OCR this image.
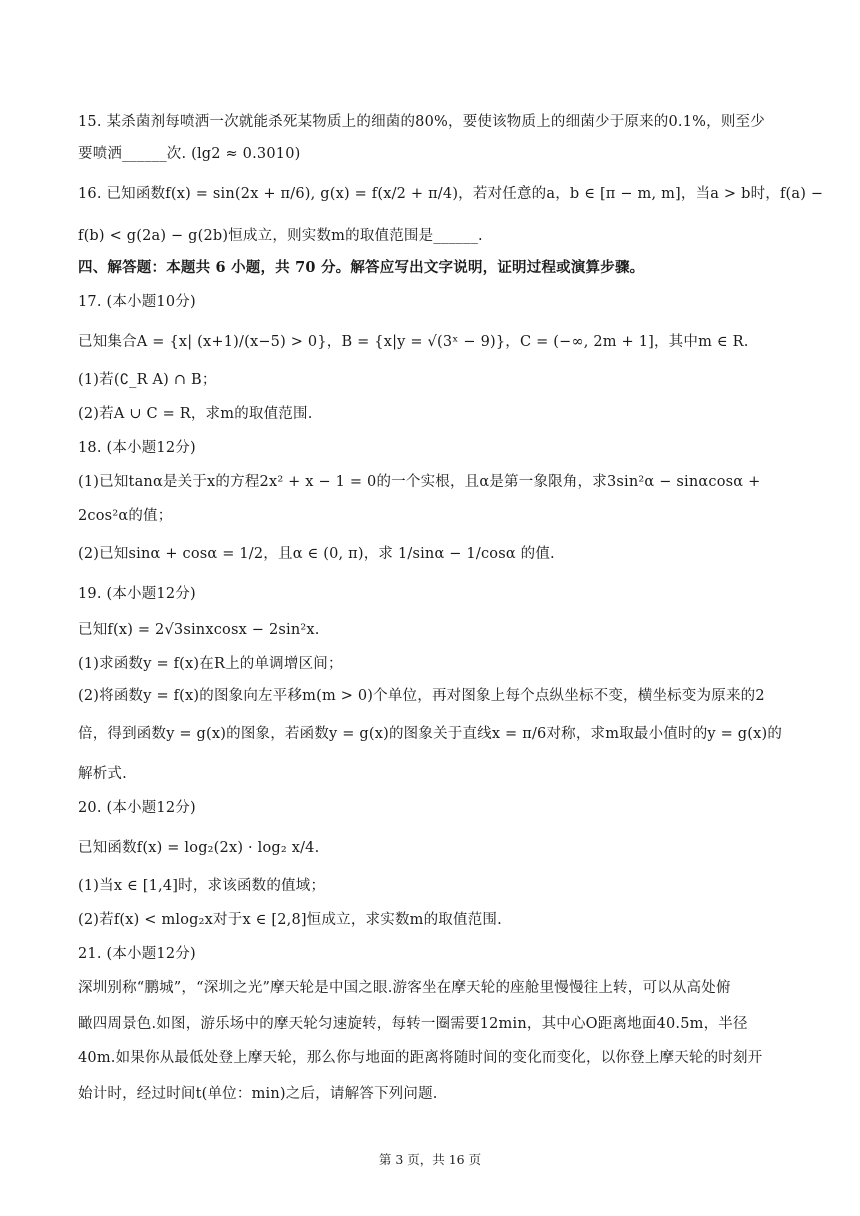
15. 某杀菌剂每喷洒一次就能杀死某物质上的细菌的80%，要使该物质上的细菌少于原来的0.1%，则至少
要喷洒______次. (lg2 ≈ 0.3010)
16. 已知函数f(x) = sin(2x + π/6), g(x) = f(x/2 + π/4)，若对任意的a，b ∈ [π − m, m]，当a > b时，f(a) −
f(b) < g(2a) − g(2b)恒成立，则实数m的取值范围是______.
四、解答题：本题共 6 小题，共 70 分。解答应写出文字说明，证明过程或演算步骤。
17. (本小题10分)
已知集合A = {x| (x+1)/(x−5) > 0}，B = {x|y = √(3ˣ − 9)}，C = (−∞, 2m + 1]，其中m ∈ R.
(1)若(∁_R A) ∩ B；
(2)若A ∪ C = R，求m的取值范围.
18. (本小题12分)
(1)已知tanα是关于x的方程2x² + x − 1 = 0的一个实根，且α是第一象限角，求3sin²α − sinαcosα +
2cos²α的值；
(2)已知sinα + cosα = 1/2，且α ∈ (0, π)，求 1/sinα − 1/cosα 的值.
19. (本小题12分)
已知f(x) = 2√3sinxcosx − 2sin²x.
(1)求函数y = f(x)在R上的单调增区间；
(2)将函数y = f(x)的图象向左平移m(m > 0)个单位，再对图象上每个点纵坐标不变，横坐标变为原来的2
倍，得到函数y = g(x)的图象，若函数y = g(x)的图象关于直线x = π/6对称，求m取最小值时的y = g(x)的
解析式.
20. (本小题12分)
已知函数f(x) = log₂(2x) · log₂ x/4.
(1)当x ∈ [1,4]时，求该函数的值域；
(2)若f(x) < mlog₂x对于x ∈ [2,8]恒成立，求实数m的取值范围.
21. (本小题12分)
深圳别称“鹏城”，“深圳之光”摩天轮是中国之眼.游客坐在摩天轮的座舱里慢慢往上转，可以从高处俯
瞰四周景色.如图，游乐场中的摩天轮匀速旋转，每转一圈需要12min，其中心O距离地面40.5m，半径
40m.如果你从最低处登上摩天轮，那么你与地面的距离将随时间的变化而变化，以你登上摩天轮的时刻开
始计时，经过时间t(单位：min)之后，请解答下列问题.
第 3 页，共 16 页
